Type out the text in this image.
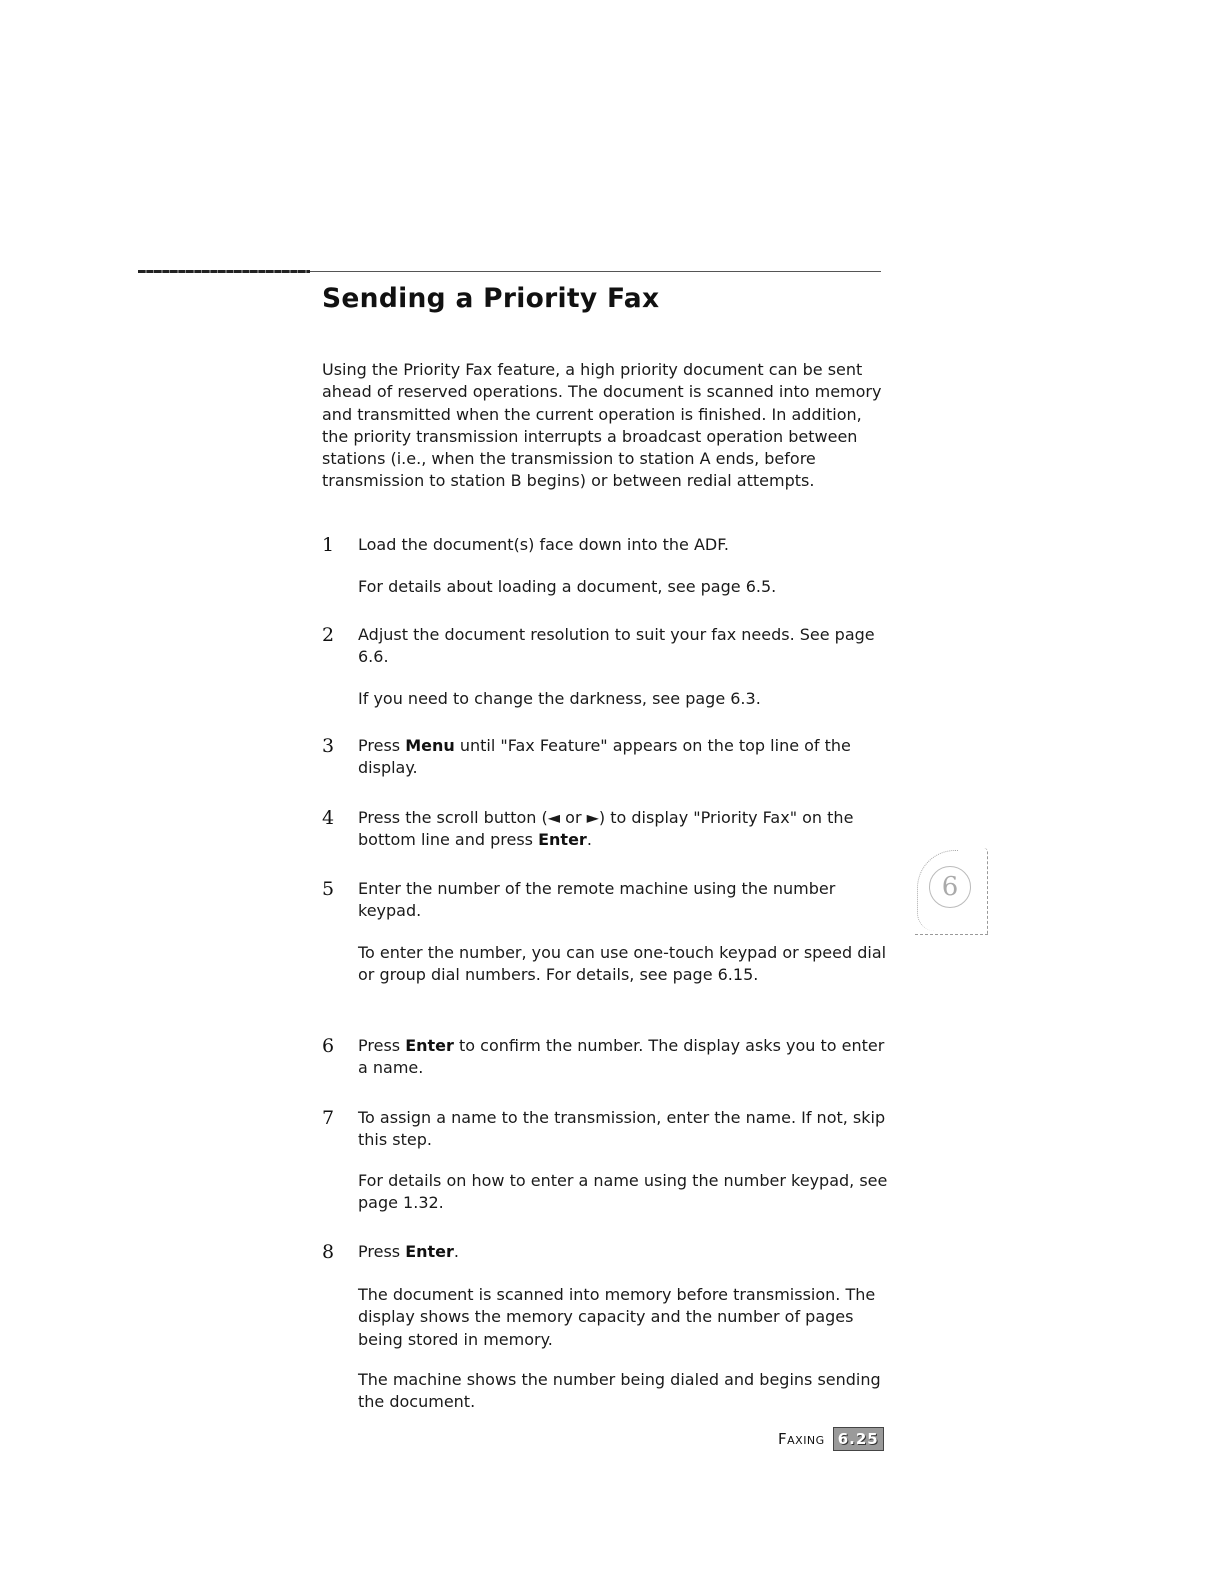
Sending a Priority Fax

Using the Priority Fax feature, a high priority document can be sent ahead of reserved operations. The document is scanned into memory and transmitted when the current operation is finished. In addition, the priority transmission interrupts a broadcast operation between stations (i.e., when the transmission to station A ends, before transmission to station B begins) or between redial attempts.

1 Load the document(s) face down into the ADF.

For details about loading a document, see page 6.5.

2 Adjust the document resolution to suit your fax needs. See page 6.6.

If you need to change the darkness, see page 6.3.

3 Press Menu until "Fax Feature" appears on the top line of the display.

4 Press the scroll button (◄ or ►) to display "Priority Fax" on the bottom line and press Enter.

5 Enter the number of the remote machine using the number keypad.

To enter the number, you can use one-touch keypad or speed dial or group dial numbers. For details, see page 6.15.

6 Press Enter to confirm the number. The display asks you to enter a name.

7 To assign a name to the transmission, enter the name. If not, skip this step.

For details on how to enter a name using the number keypad, see page 1.32.

8 Press Enter.

The document is scanned into memory before transmission. The display shows the memory capacity and the number of pages being stored in memory.

The machine shows the number being dialed and begins sending the document.

6
Faxing 6.25
